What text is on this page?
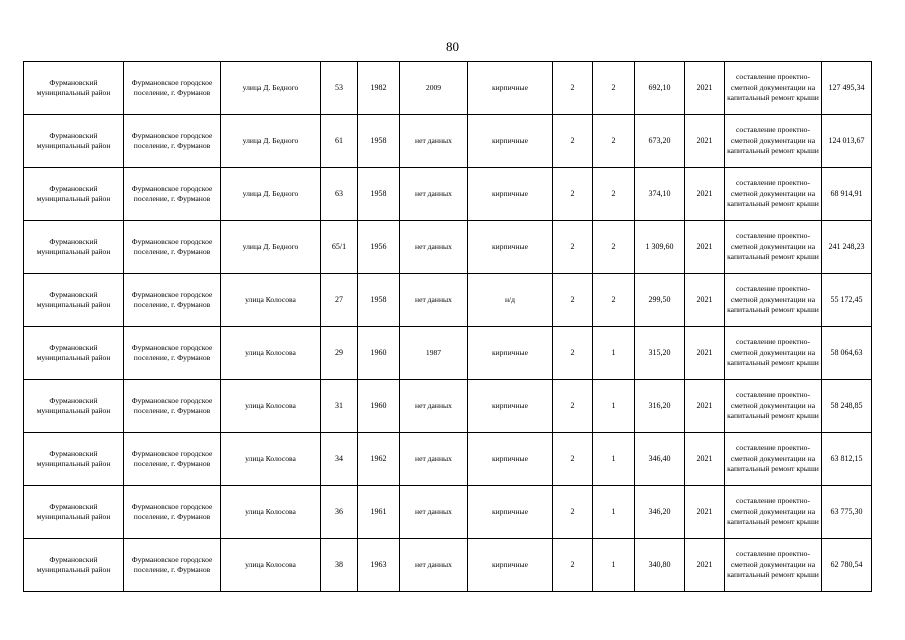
80
Фурмановский муниципальный район	Фурмановское городское поселение, г. Фурманов	улица Д. Бедного	53	1982	2009	кирпичные	2	2	692,10	2021	составление проектно-сметной документации на капитальный ремонт крыши	127 495,34
Фурмановский муниципальный район	Фурмановское городское поселение, г. Фурманов	улица Д. Бедного	61	1958	нет данных	кирпичные	2	2	673,20	2021	составление проектно-сметной документации на капитальный ремонт крыши	124 013,67
Фурмановский муниципальный район	Фурмановское городское поселение, г. Фурманов	улица Д. Бедного	63	1958	нет данных	кирпичные	2	2	374,10	2021	составление проектно-сметной документации на капитальный ремонт крыши	68 914,91
Фурмановский муниципальный район	Фурмановское городское поселение, г. Фурманов	улица Д. Бедного	65/1	1956	нет данных	кирпичные	2	2	1 309,60	2021	составление проектно-сметной документации на капитальный ремонт крыши	241 248,23
Фурмановский муниципальный район	Фурмановское городское поселение, г. Фурманов	улица Колосова	27	1958	нет данных	н/д	2	2	299,50	2021	составление проектно-сметной документации на капитальный ремонт крыши	55 172,45
Фурмановский муниципальный район	Фурмановское городское поселение, г. Фурманов	улица Колосова	29	1960	1987	кирпичные	2	1	315,20	2021	составление проектно-сметной документации на капитальный ремонт крыши	58 064,63
Фурмановский муниципальный район	Фурмановское городское поселение, г. Фурманов	улица Колосова	31	1960	нет данных	кирпичные	2	1	316,20	2021	составление проектно-сметной документации на капитальный ремонт крыши	58 248,85
Фурмановский муниципальный район	Фурмановское городское поселение, г. Фурманов	улица Колосова	34	1962	нет данных	кирпичные	2	1	346,40	2021	составление проектно-сметной документации на капитальный ремонт крыши	63 812,15
Фурмановский муниципальный район	Фурмановское городское поселение, г. Фурманов	улица Колосова	36	1961	нет данных	кирпичные	2	1	346,20	2021	составление проектно-сметной документации на капитальный ремонт крыши	63 775,30
Фурмановский муниципальный район	Фурмановское городское поселение, г. Фурманов	улица Колосова	38	1963	нет данных	кирпичные	2	1	340,80	2021	составление проектно-сметной документации на капитальный ремонт крыши	62 780,54
